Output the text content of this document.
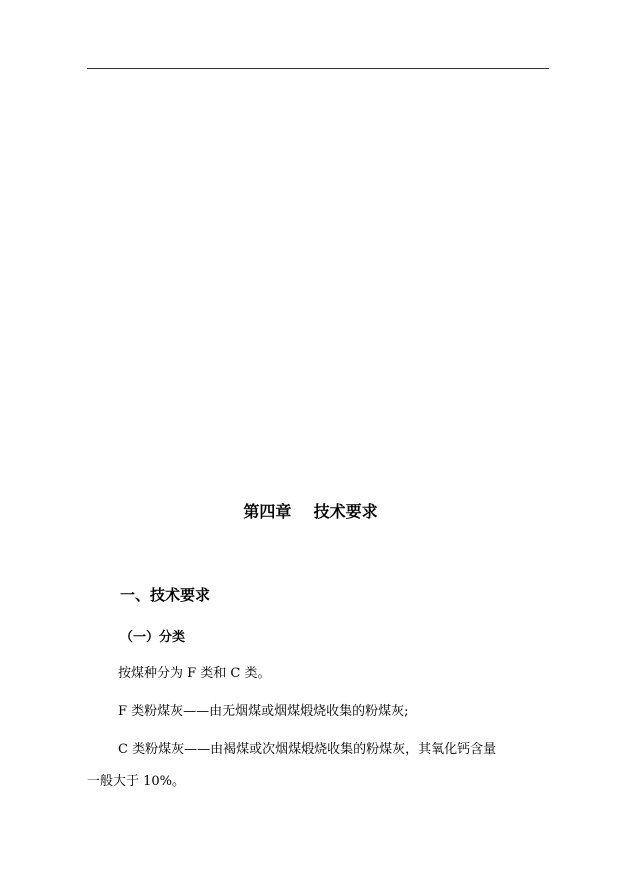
第四章    技术要求
一、技术要求
（一）分类
按煤种分为 F 类和 C 类。
F 类粉煤灰——由无烟煤或烟煤煅烧收集的粉煤灰;
C 类粉煤灰——由褐煤或次烟煤煅烧收集的粉煤灰，其氧化钙含量
一般大于 10%。
